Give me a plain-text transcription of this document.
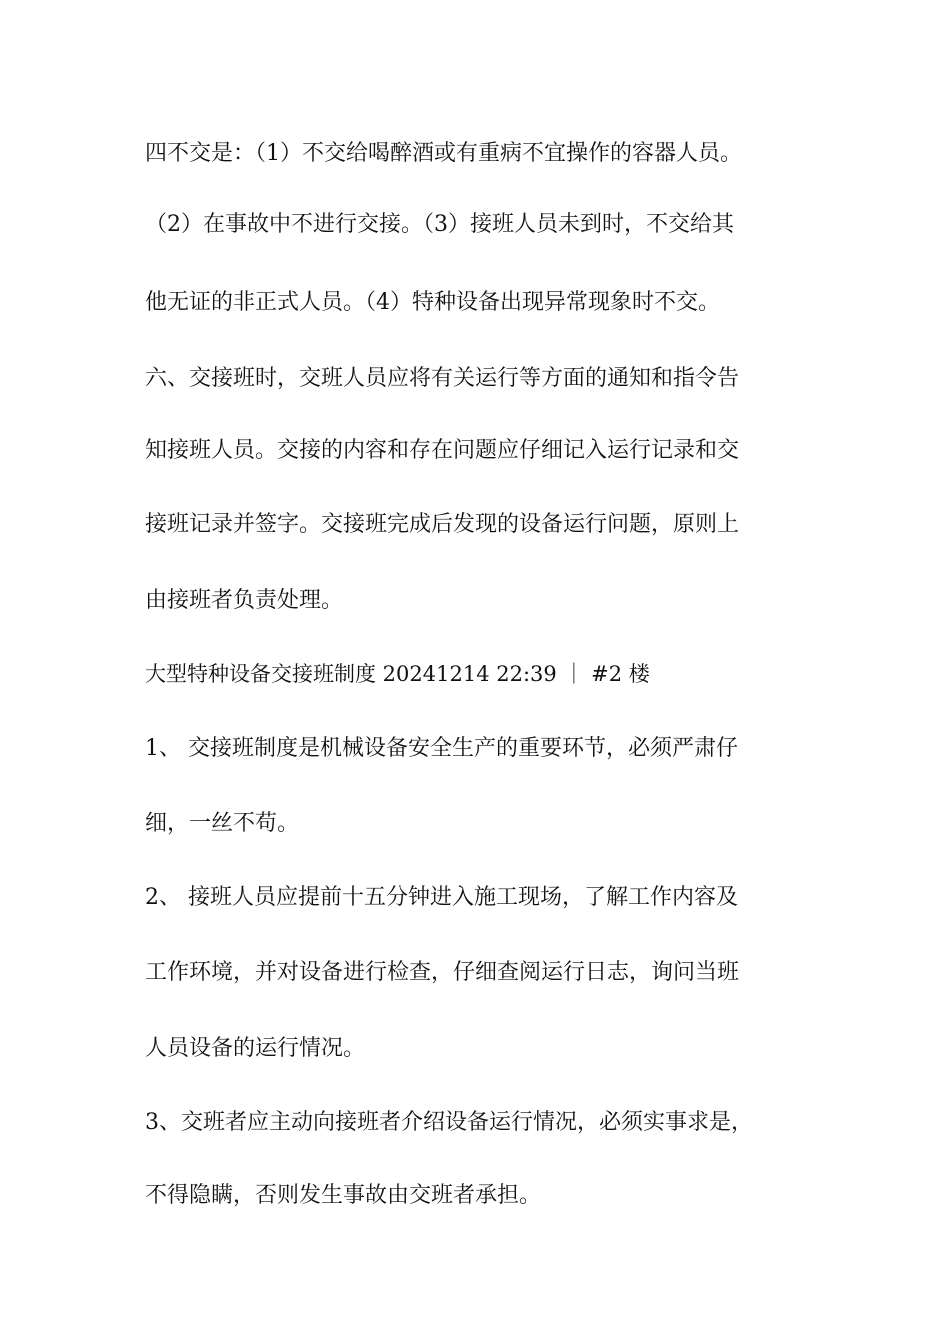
四不交是：（1）不交给喝醉酒或有重病不宜操作的容器人员。
（2）在事故中不进行交接。（3）接班人员未到时，不交给其
他无证的非正式人员。（4）特种设备出现异常现象时不交。
六、交接班时，交班人员应将有关运行等方面的通知和指令告
知接班人员。交接的内容和存在问题应仔细记入运行记录和交
接班记录并签字。交接班完成后发现的设备运行问题，原则上
由接班者负责处理。
大型特种设备交接班制度 20241214 22:39 ｜ #2 楼
1、 交接班制度是机械设备安全生产的重要环节，必须严肃仔
细，一丝不苟。
2、 接班人员应提前十五分钟进入施工现场，了解工作内容及
工作环境，并对设备进行检查，仔细查阅运行日志，询问当班
人员设备的运行情况。
3、交班者应主动向接班者介绍设备运行情况，必须实事求是，
不得隐瞒，否则发生事故由交班者承担。
